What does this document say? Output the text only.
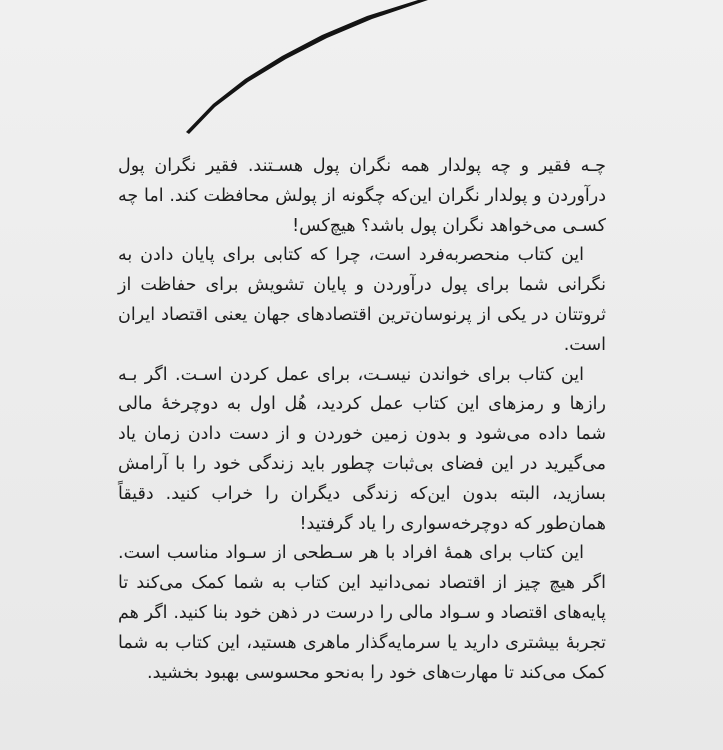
چـه فقیر و چه پولدار همه نگران پول هسـتند. فقیر نگران پول درآوردن و پولدار نگران این‌که چگونه از پولش محافظت کند. اما چه کسـی می‌خواهد نگران پول باشد؟ هیچ‌کس!

این کتاب منحصربه‌فرد است، چرا که کتابی برای پایان دادن به نگرانی شما برای پول درآوردن و پایان تشویش برای حفاظت از ثروتتان در یکی از پرنوسان‌ترین اقتصادهای جهان یعنی اقتصاد ایران است.

این کتاب برای خواندن نیسـت، برای عمل کردن اسـت. اگر بـه رازها و رمزهای این کتاب عمل کردید، هُل اول به دوچرخهٔ مالی شما داده می‌شود و بدون زمین خوردن و از دست دادن زمان یاد می‌گیرید در این فضای بی‌ثبات چطور باید زندگی خود را با آرامش بسازید، البته بدون این‌که زندگی دیگران را خراب کنید. دقیقاً همان‌طور که دوچرخه‌سواری را یاد گرفتید!

این کتاب برای همهٔ افراد با هر سـطحی از سـواد مناسب است. اگر هیچ چیز از اقتصاد نمی‌دانید این کتاب به شما کمک می‌کند تا پایه‌های اقتصاد و سـواد مالی را درست در ذهن خود بنا کنید. اگر هم تجربهٔ بیشتری دارید یا سرمایه‌گذار ماهری هستید، این کتاب به شما کمک می‌کند تا مهارت‌های خود را به‌نحو محسوسی بهبود بخشید.
